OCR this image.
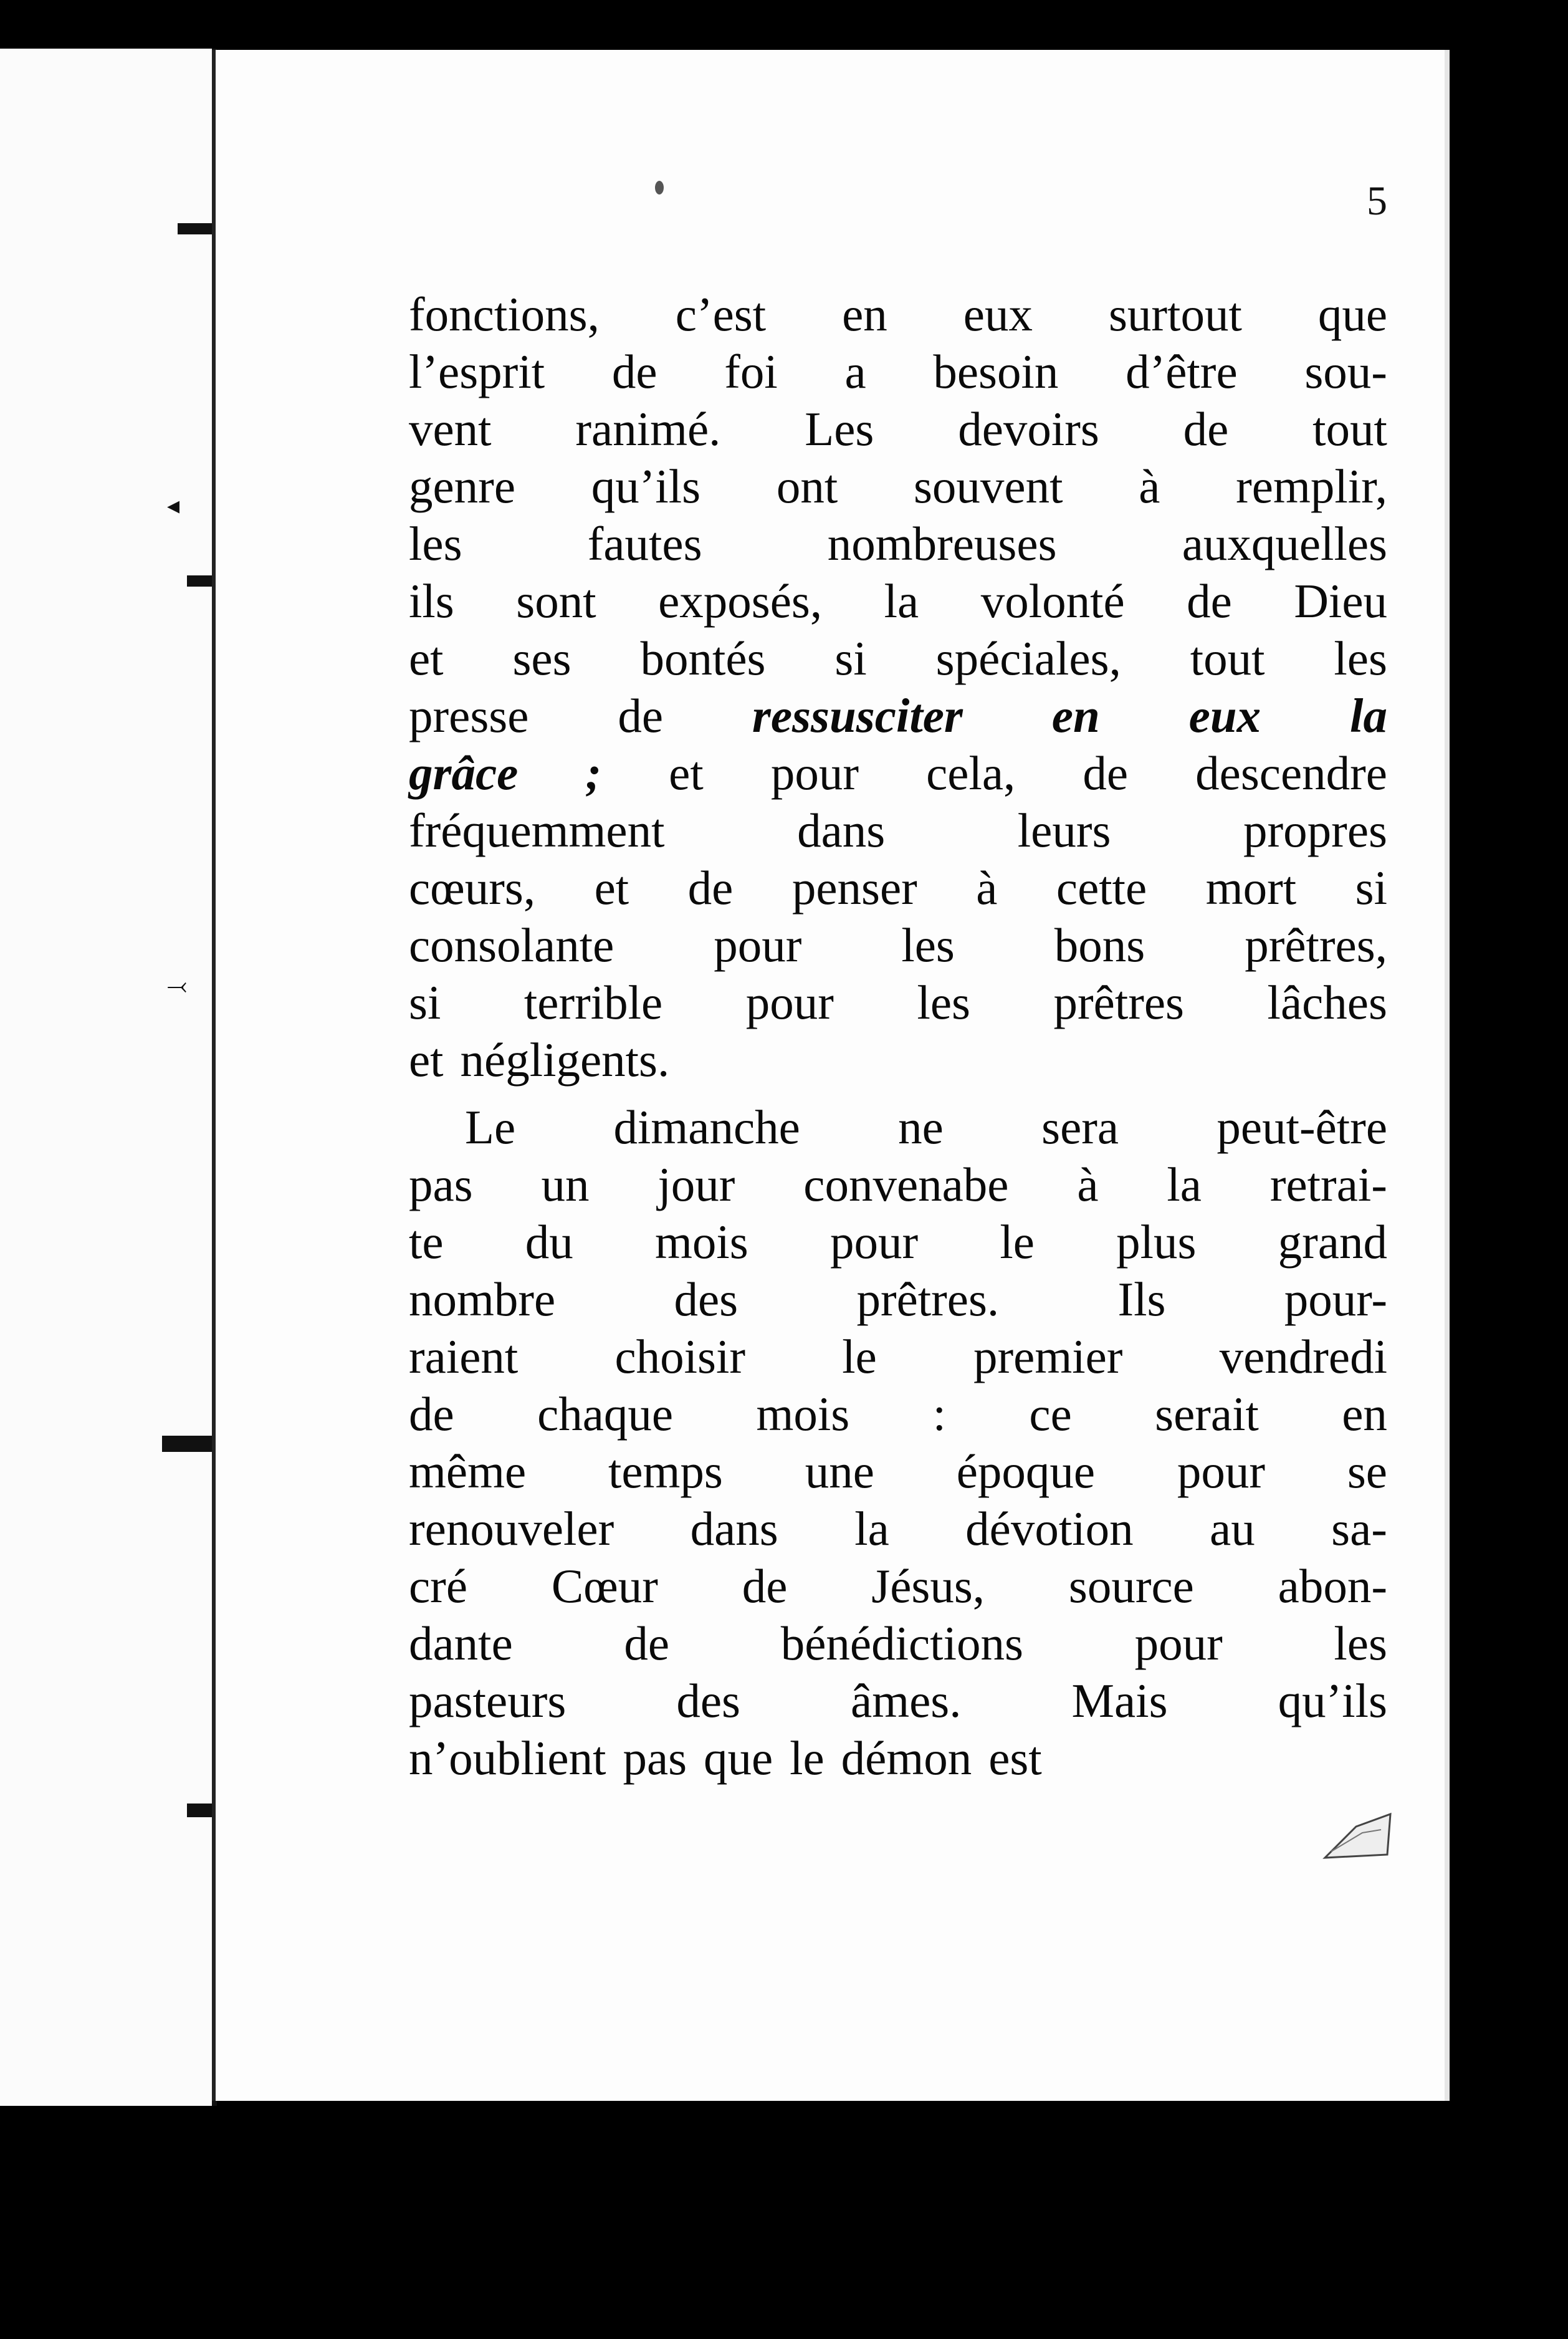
◂
⤙
5
fonctions, c’est en eux surtout que
l’esprit de foi a besoin d’être sou-
vent ranimé. Les devoirs de tout
genre qu’ils ont souvent à remplir,
les	fautes	nombreuses	auxquelles
ils sont exposés, la volonté de Dieu
et ses bontés si spéciales, tout les
presse de ressusciter en eux la
grâce ; et pour cela, de descendre
fréquemment	dans	leurs	propres
cœurs, et de penser à cette mort si
consolante pour les bons prêtres,
si terrible pour les prêtres lâches
et négligents.
Le dimanche ne sera peut-être
pas un jour convenabe à la retrai-
te du mois pour le plus grand
nombre des prêtres. Ils pour-
raient choisir le premier vendredi
de chaque mois : ce serait en
même temps une époque pour se
renouveler dans la dévotion au sa-
cré Cœur de Jésus, source abon-
dante de bénédictions pour les
pasteurs des âmes. Mais qu’ils
n’oublient pas que le démon est
